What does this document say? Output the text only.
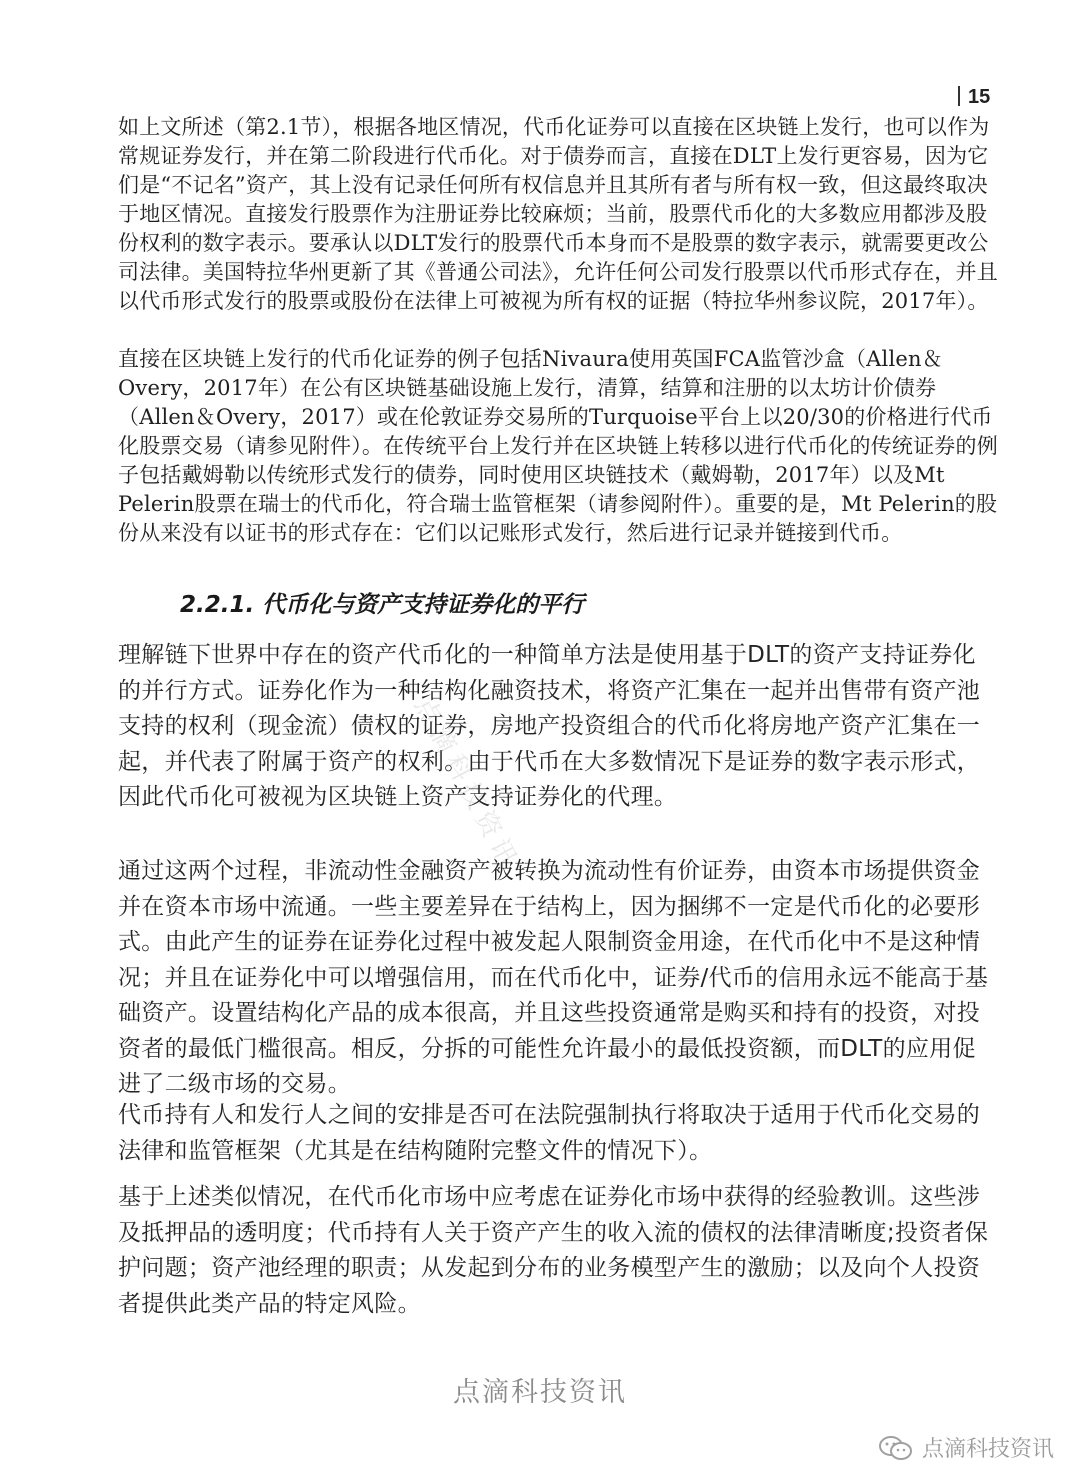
15

如上文所述（第2.1节），根据各地区情况，代币化证券可以直接在区块链上发行，也可以作为常规证券发行，并在第二阶段进行代币化。对于债券而言，直接在DLT上发行更容易，因为它们是“不记名”资产，其上没有记录任何所有权信息并且其所有者与所有权一致，但这最终取决于地区情况。直接发行股票作为注册证券比较麻烦；当前，股票代币化的大多数应用都涉及股份权利的数字表示。要承认以DLT发行的股票代币本身而不是股票的数字表示，就需要更改公司法律。美国特拉华州更新了其《普通公司法》，允许任何公司发行股票以代币形式存在，并且以代币形式发行的股票或股份在法律上可被视为所有权的证据（特拉华州参议院，2017年）。

直接在区块链上发行的代币化证券的例子包括Nivaura使用英国FCA监管沙盒（Allen＆Overy，2017年）在公有区块链基础设施上发行，清算，结算和注册的以太坊计价债券（Allen＆Overy，2017）或在伦敦证券交易所的Turquoise平台上以20/30的价格进行代币化股票交易（请参见附件）。在传统平台上发行并在区块链上转移以进行代币化的传统证券的例子包括戴姆勒以传统形式发行的债券，同时使用区块链技术（戴姆勒，2017年）以及Mt Pelerin股票在瑞士的代币化，符合瑞士监管框架（请参阅附件）。重要的是，Mt Pelerin的股份从来没有以证书的形式存在：它们以记账形式发行，然后进行记录并链接到代币。

2.2.1. 代币化与资产支持证券化的平行

理解链下世界中存在的资产代币化的一种简单方法是使用基于DLT的资产支持证券化的并行方式。证券化作为一种结构化融资技术，将资产汇集在一起并出售带有资产池支持的权利（现金流）债权的证券，房地产投资组合的代币化将房地产资产汇集在一起，并代表了附属于资产的权利。由于代币在大多数情况下是证券的数字表示形式，因此代币化可被视为区块链上资产支持证券化的代理。

通过这两个过程，非流动性金融资产被转换为流动性有价证券，由资本市场提供资金并在资本市场中流通。一些主要差异在于结构上，因为捆绑不一定是代币化的必要形式。由此产生的证券在证券化过程中被发起人限制资金用途，在代币化中不是这种情况；并且在证券化中可以增强信用，而在代币化中，证券/代币的信用永远不能高于基础资产。设置结构化产品的成本很高，并且这些投资通常是购买和持有的投资，对投资者的最低门槛很高。相反，分拆的可能性允许最小的最低投资额，而DLT的应用促进了二级市场的交易。

代币持有人和发行人之间的安排是否可在法院强制执行将取决于适用于代币化交易的法律和监管框架（尤其是在结构随附完整文件的情况下）。

基于上述类似情况，在代币化市场中应考虑在证券化市场中获得的经验教训。这些涉及抵押品的透明度；代币持有人关于资产产生的收入流的债权的法律清晰度;投资者保护问题；资产池经理的职责；从发起到分布的业务模型产生的激励；以及向个人投资者提供此类产品的特定风险。

点滴科技资讯

点滴科技资讯

点滴科技资讯
